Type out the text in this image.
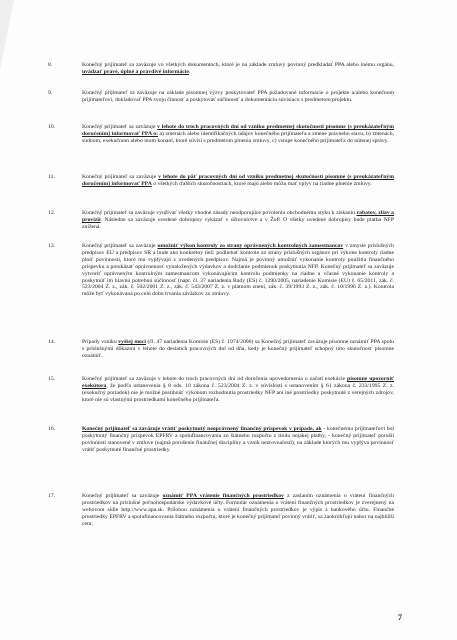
8.	Konečný prijímateľ sa zaväzuje vo všetkých dokumentoch, ktoré je na základe zmluvy povinný predkladať PPA alebo inému orgánu, uvádzať pravé, úplné a pravdivé informácie.
9.	Konečný prijímateľ sa zaväzuje na základe písomnej výzvy poskytovateľ PPA požadované informácie o projekte a/alebo konečnom prijímateľovi, dokladovať PPA svoju činnosť a poskytovať súčinnosť a dokumentáciu súvisiacu s predmetom projektu.
10.	Konečný prijímateľ sa zaväzuje v lehote do troch pracovných dní od vzniku predmetnej skutočnosti písomne (s preukázateľným doručením) informovať PPA o: a) zmenách alebo identifikačných údajov konečného prijímateľa a zmene právneho stavu, b) zmenách, súdnom, exekučnom alebo inom konaní, ktoré súvisí s predmetom plnenia zmluvy, c) vstupe konečného prijímateľa do nútenej správy.
11.	Konečný prijímateľ sa zaväzuje v lehote do päť pracovných dní od vzniku predmetnej skutočnosti písomne (s preukázateľným doručením) informovať PPA o všetkých ďalších skutočnostiach, ktoré majú alebo môžu mať vplyv na riadne plnenie zmluvy.
12.	Konečný prijímateľ sa zaväzuje využívať všetky vhodné zásady neodporujúce povoleniu obchodnému styku k získaniu rabatov, zliav a provízií. Následne sa zaväzuje uvedené dobropisy vykázať v účtovníctve a v ŽoP. O všetky uvedené dobropisy bude platba NFP znížená.
13.	Konečný prijímateľ sa zaväzuje umožniť výkon kontroly zo strany oprávnených kontrolných zamestnancov v zmysle príslušných predpisov EU a predpisov SR a bude ako konkrétny tiež: podliehať kontrole zo strany príslušných orgánov pri výkone kontroly riadne plniť povinnosti, ktoré mu vyplývajú z uvedených predpisov. Najmä je povinný umožniť vykonanie kontroly použitia finančného príspevku a preukázať oprávnenosť vynaložených výdavkov a dodržanie podmienok poskytnutia NFP. Konečný prijímateľ sa zaväzuje vytvoriť oprávneným kontrolným zamestnancom vykonávajúcim kontrolu podmienky na riadne a včasné vykonanie kontroly a poskytnúť im hlavnú potrebnú súčinnosť (napr. čl. 37 nariadenia Rady (ES) č. 1290/2005, nariadenie Komisie (EU) č. 65/2011, zák. č. 523/2004 Z. z., zák. č. 502/2001 Z. z., zák. č. 543/2007 Z. z. v platnom znení, zák. č. 39/1993 Z. z., zák. č. 10/1996 Z. z.). Kontrola môže byť vykonávaná po celú dobu trvania záväzkov zo zmluvy.
14.	Prípady vzniku vyššej moci (čl. 47 nariadenia Komisie (ES) č. 1974/2006) sa Konečný prijímateľ zaväzuje písomne oznámiť PPA spolu s príslušnými dôkazmi v lehote do desiatich pracovných dní od dňa, kedy je konečný prijímateľ schopný túto skutočnosť písomne oznámiť.
15.	Konečný prijímateľ sa zaväzuje v lehote do troch pracovných dní od doručenia upovedomenia o začatí exekúcie písomne upozorniť exekútora, že podľa ustanovenia § 8 ods. 10 zákona č. 523/2004 Z. z. v súvislosti s ustanovením § 61 zákona č. 233/1995 Z. z. (exekučný poriadok) nie je možné postihnúť výkonom rozhodnutia prostriedky NFP ani iné prostriedky poskytnuté z verejných zdrojov, ktoré nie sú vlastnými prostriedkami konečného prijímateľa.
16.	Konečný prijímateľ sa zaväzuje vrátiť poskytnutý neoprávnený finančný príspevok v prípade, ak - konečnému prijímateľovi bol poskytnutý finančný príspevok EPFRV a spolufinancovania zo štátneho rozpočtu z titulu nejakej platby, - konečný prijímateľ porušil povinnosti stanovené v zmluve (najmä porušenie finančnej disciplíny a vznik nezrovnalostí), na základe ktorých mu vyplýva povinnosť vrátiť poskytnuté finančné prostriedky.
17.	Konečný prijímateľ sa zaväzuje oznámiť PPA vrátenie finančných prostriedkov z zaslaním oznámenia o vrátení finančných prostriedkov na príslušné poľnohospodárske výdavkové účty. Formulár oznámenia o vrátení finančných prostriedkov je zverejnený na webovom sídle http://www.apa.sk. Prílohou oznámenia o vrátení finančných prostriedkov je výpis z bankového účtu. Finančné prostriedky EPFRV a spolufinancovania štátneho rozpočtu, ktoré je konečný prijímateľ povinný vrátiť, sa zaokrúhľujú nahor na najbližší cent.
7
